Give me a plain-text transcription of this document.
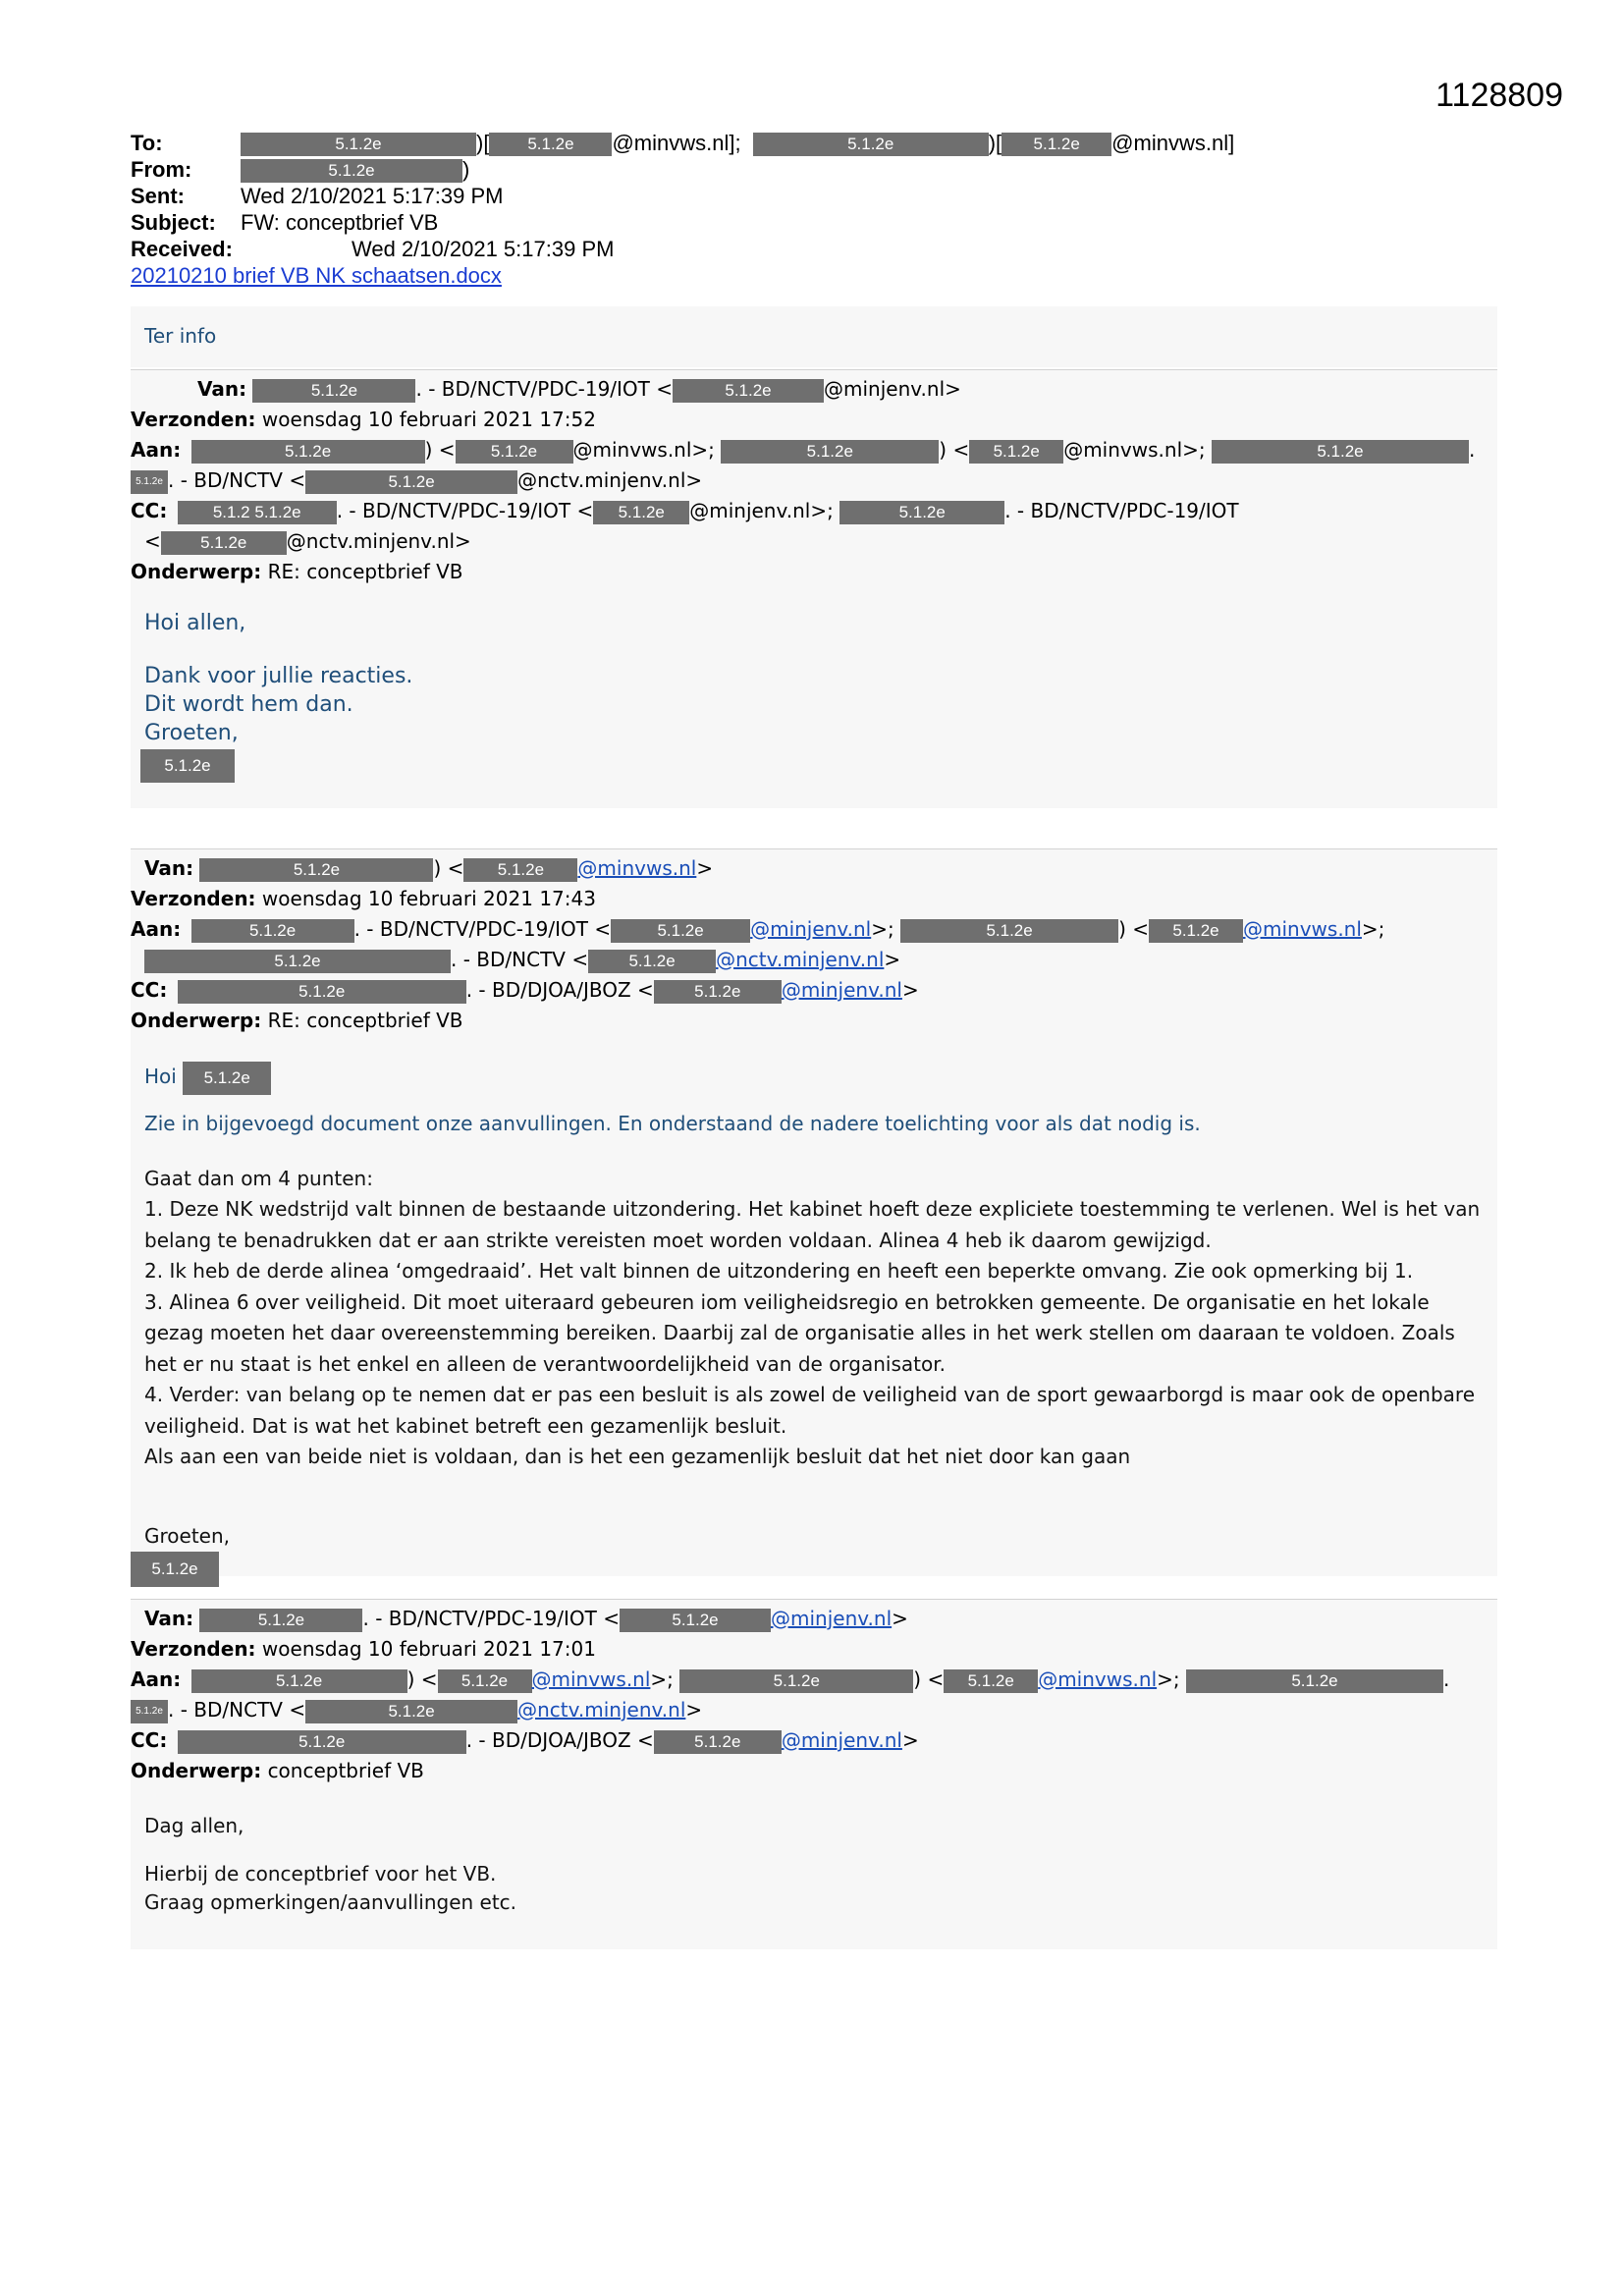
1128809
To:	5.1.2e	)[ 5.1.2e @minvws.nl];	5.1.2e	)[ 5.1.2e @minvws.nl]
From:	5.1.2e	)
Sent:	Wed 2/10/2021 5:17:39 PM
Subject: FW: conceptbrief VB
Received:	Wed 2/10/2021 5:17:39 PM
20210210 brief VB NK schaatsen.docx
Ter info
Van:	5.1.2e	. - BD/NCTV/PDC-19/IOT <	5.1.2e	@minjenv.nl>
Verzonden: woensdag 10 februari 2021 17:52
Aan:	5.1.2e	) < 5.1.2e @minvws.nl>;	5.1.2e	) < 5.1.2e @minvws.nl>;	5.1.2e	.
5.1.2e . - BD/NCTV <	5.1.2e	@nctv.minjenv.nl>
CC:	5.1.2 5.1.2e . - BD/NCTV/PDC-19/IOT < 5.1.2e @minjenv.nl>;	5.1.2e	. - BD/NCTV/PDC-19/IOT
< 5.1.2e @nctv.minjenv.nl>
Onderwerp: RE: conceptbrief VB

Hoi allen,

Dank voor jullie reacties.

Dit wordt hem dan.

Groeten,

5.1.2e
Van:	5.1.2e	) < 5.1.2e @minvws.nl>
Verzonden: woensdag 10 februari 2021 17:43
Aan:	5.1.2e	. - BD/NCTV/PDC-19/IOT <	5.1.2e @minjenv.nl>;	5.1.2e	) < 5.1.2e @minvws.nl>;
5.1.2e	. - BD/NCTV < 5.1.2e @nctv.minjenv.nl>
CC:	5.1.2e	. - BD/DJOA/JBOZ < 5.1.2e @minjenv.nl>
Onderwerp: RE: conceptbrief VB
Hoi 5.1.2e

Zie in bijgevoegd document onze aanvullingen. En onderstaand de nadere toelichting voor als dat nodig is.

Gaat dan om 4 punten:

1. Deze NK wedstrijd valt binnen de bestaande uitzondering. Het kabinet hoeft deze expliciete toestemming te verlenen. Wel is het van belang te benadrukken dat er aan strikte vereisten moet worden voldaan. Alinea 4 heb ik daarom gewijzigd.

2. Ik heb de derde alinea ‘omgedraaid’. Het valt binnen de uitzondering en heeft een beperkte omvang. Zie ook opmerking bij 1.

3. Alinea 6 over veiligheid. Dit moet uiteraard gebeuren iom veiligheidsregio en betrokken gemeente. De organisatie en het lokale gezag moeten het daar overeenstemming bereiken. Daarbij zal de organisatie alles in het werk stellen om daaraan te voldoen. Zoals het er nu staat is het enkel en alleen de verantwoordelijkheid van de organisator.

4. Verder: van belang op te nemen dat er pas een besluit is als zowel de veiligheid van de sport gewaarborgd is maar ook de openbare veiligheid. Dat is wat het kabinet betreft een gezamenlijk besluit.

Als aan een van beide niet is voldaan, dan is het een gezamenlijk besluit dat het niet door kan gaan

Groeten,
5.1.2e
Van:	5.1.2e	. - BD/NCTV/PDC-19/IOT <	5.1.2e	@minjenv.nl>
Verzonden: woensdag 10 februari 2021 17:01
Aan:	5.1.2e	) < 5.1.2e @minvws.nl>;	5.1.2e	) < 5.1.2e @minvws.nl>;	5.1.2e	.
5.1.2e . - BD/NCTV <	5.1.2e	@nctv.minjenv.nl>
CC:	5.1.2e	. - BD/DJOA/JBOZ < 5.1.2e @minjenv.nl>
Onderwerp: conceptbrief VB

Dag allen,

Hierbij de conceptbrief voor het VB.

Graag opmerkingen/aanvullingen etc.
